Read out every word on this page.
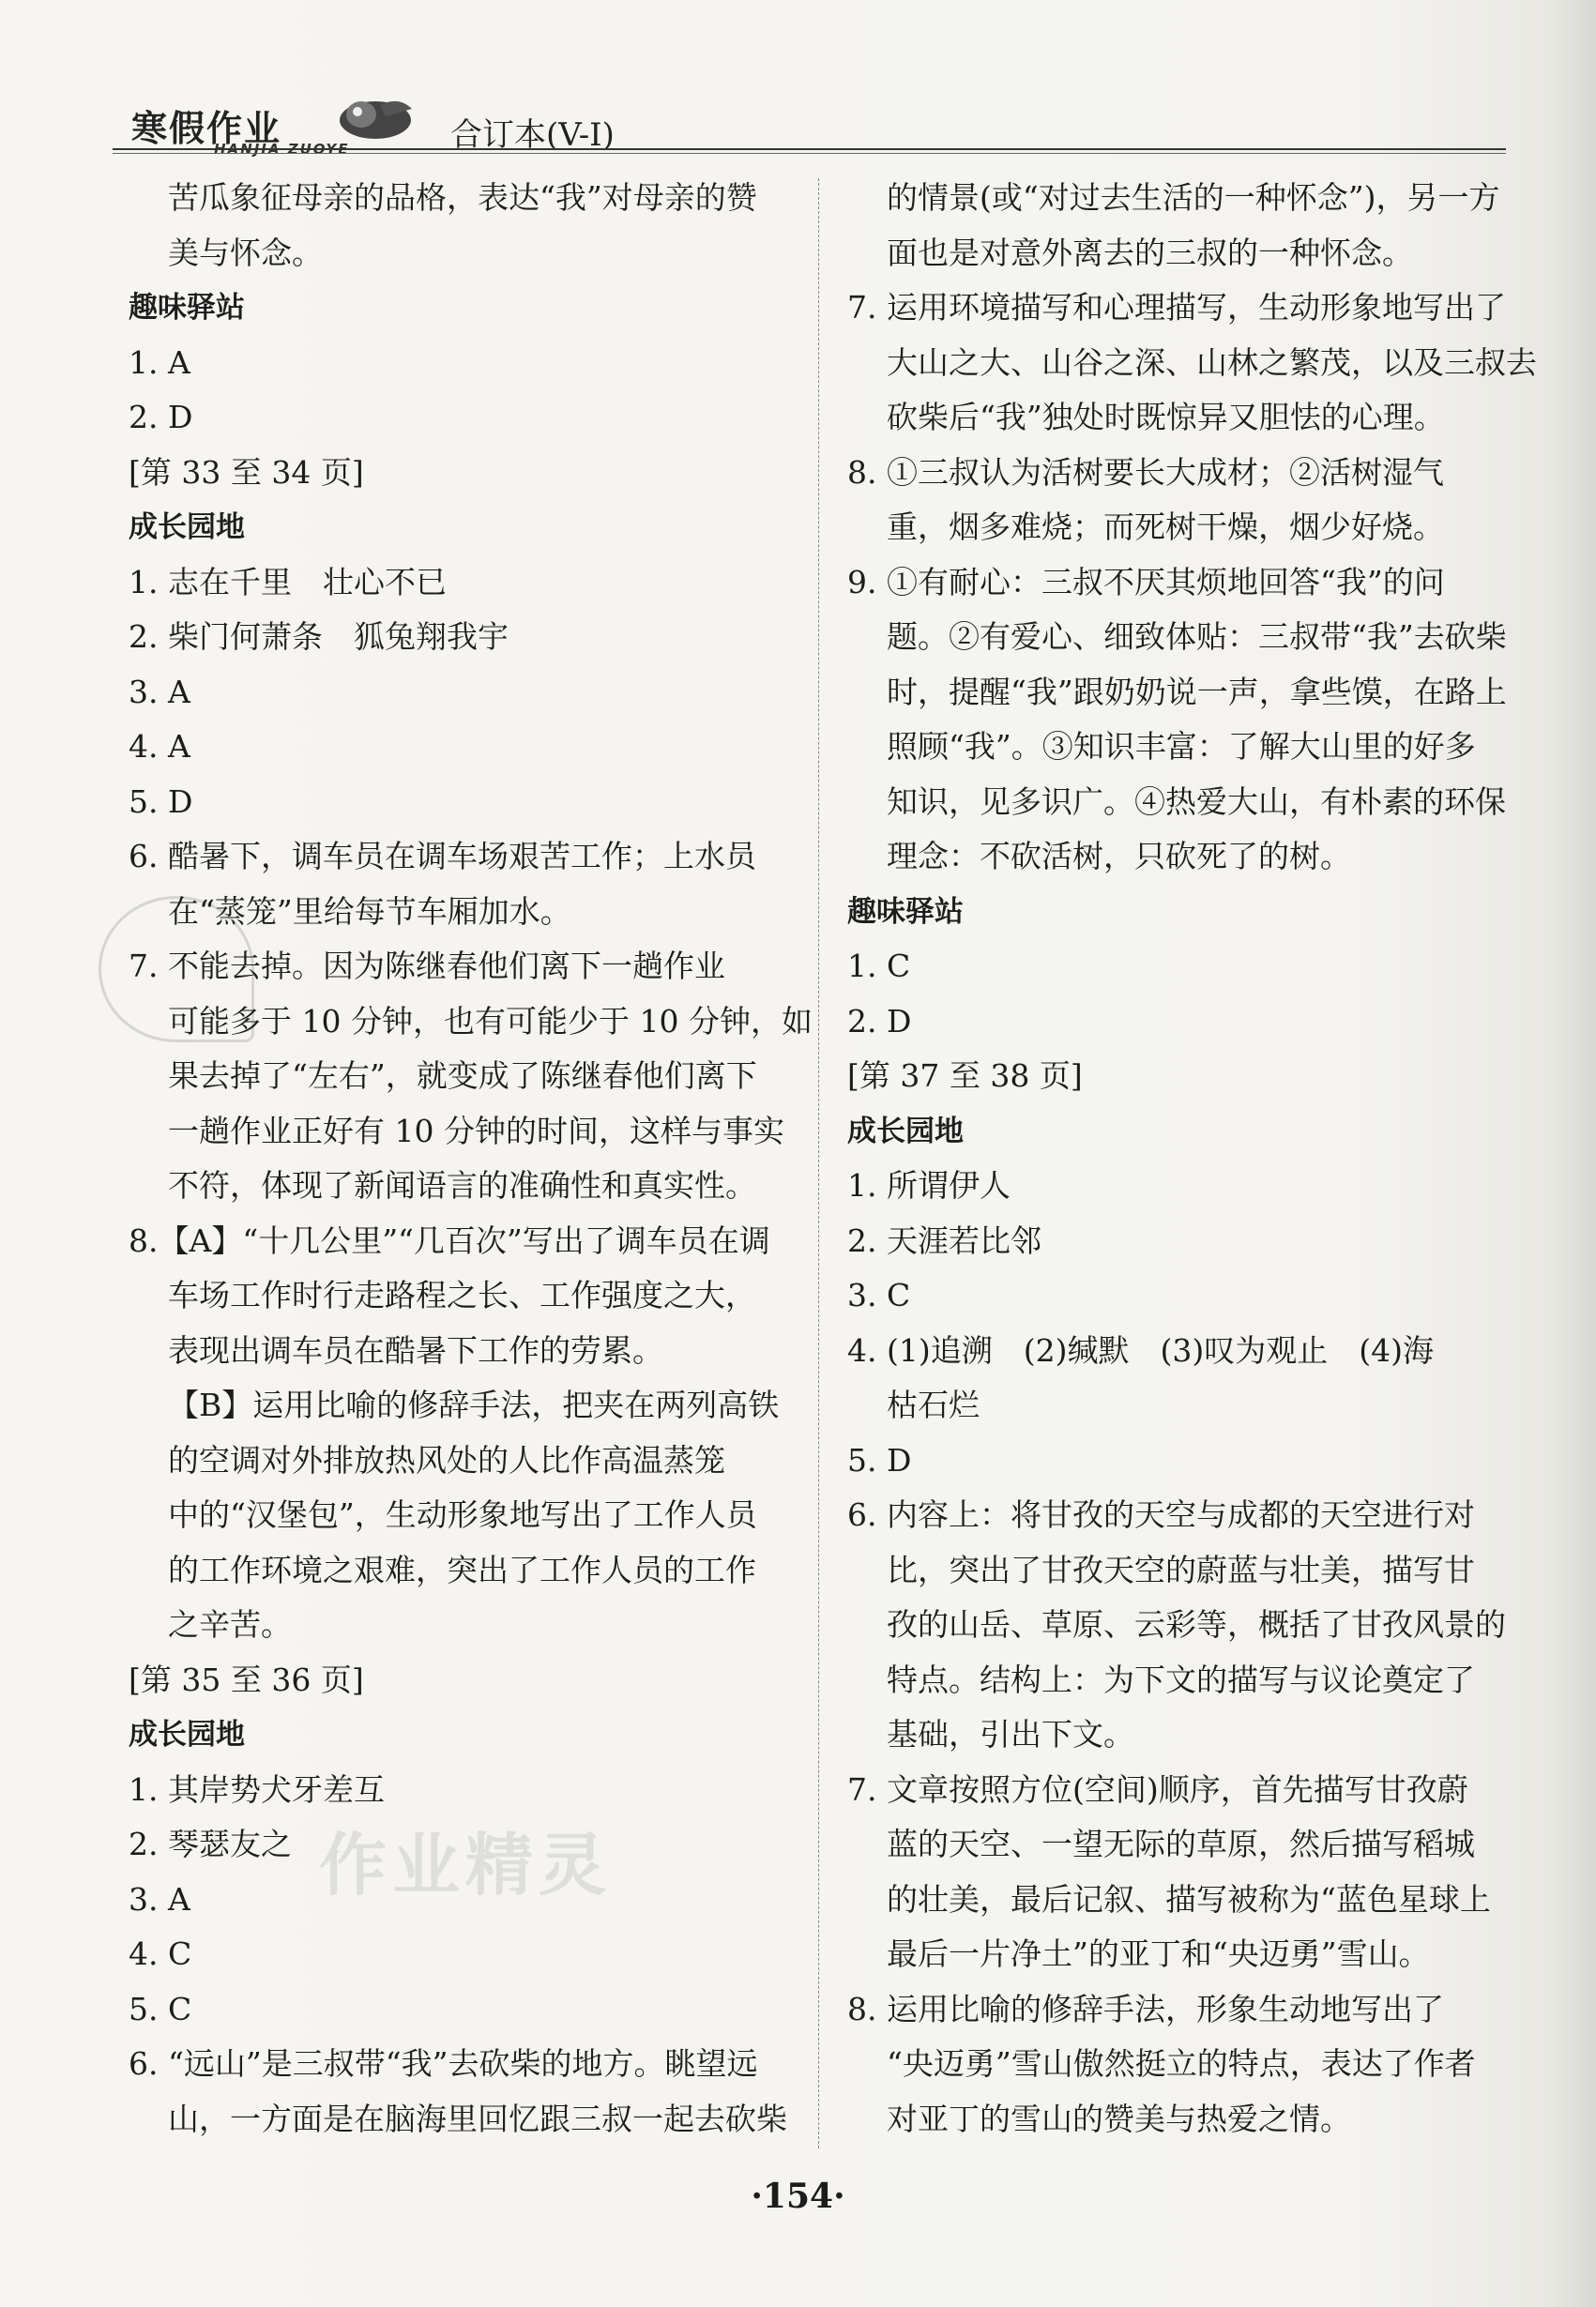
寒假作业
HANJIA ZUOYE	合订本(V-Ⅰ)
苦瓜象征母亲的品格，表达“我”对母亲的赞
美与怀念。
趣味驿站
1. A
2. D
[第 33 至 34 页]
成长园地
1. 志在千里　壮心不已
2. 柴门何萧条　狐兔翔我宇
3. A
4. A
5. D
6. 酷暑下，调车员在调车场艰苦工作；上水员
在“蒸笼”里给每节车厢加水。
7. 不能去掉。因为陈继春他们离下一趟作业
可能多于 10 分钟，也有可能少于 10 分钟，如
果去掉了“左右”，就变成了陈继春他们离下
一趟作业正好有 10 分钟的时间，这样与事实
不符，体现了新闻语言的准确性和真实性。
8.【A】“十几公里”“几百次”写出了调车员在调
车场工作时行走路程之长、工作强度之大，
表现出调车员在酷暑下工作的劳累。
【B】运用比喻的修辞手法，把夹在两列高铁
的空调对外排放热风处的人比作高温蒸笼
中的“汉堡包”，生动形象地写出了工作人员
的工作环境之艰难，突出了工作人员的工作
之辛苦。
[第 35 至 36 页]
成长园地
1. 其岸势犬牙差互
2. 琴瑟友之
3. A
4. C
5. C
6. “远山”是三叔带“我”去砍柴的地方。眺望远
山，一方面是在脑海里回忆跟三叔一起去砍柴
的情景(或“对过去生活的一种怀念”)，另一方
面也是对意外离去的三叔的一种怀念。
7. 运用环境描写和心理描写，生动形象地写出了
大山之大、山谷之深、山林之繁茂，以及三叔去
砍柴后“我”独处时既惊异又胆怯的心理。
8. ①三叔认为活树要长大成材；②活树湿气
重，烟多难烧；而死树干燥，烟少好烧。
9. ①有耐心：三叔不厌其烦地回答“我”的问
题。②有爱心、细致体贴：三叔带“我”去砍柴
时，提醒“我”跟奶奶说一声，拿些馍，在路上
照顾“我”。③知识丰富：了解大山里的好多
知识，见多识广。④热爱大山，有朴素的环保
理念：不砍活树，只砍死了的树。
趣味驿站
1. C
2. D
[第 37 至 38 页]
成长园地
1. 所谓伊人
2. 天涯若比邻
3. C
4. (1)追溯　(2)缄默　(3)叹为观止　(4)海
枯石烂
5. D
6. 内容上：将甘孜的天空与成都的天空进行对
比，突出了甘孜天空的蔚蓝与壮美，描写甘
孜的山岳、草原、云彩等，概括了甘孜风景的
特点。结构上：为下文的描写与议论奠定了
基础，引出下文。
7. 文章按照方位(空间)顺序，首先描写甘孜蔚
蓝的天空、一望无际的草原，然后描写稻城
的壮美，最后记叙、描写被称为“蓝色星球上
最后一片净土”的亚丁和“央迈勇”雪山。
8. 运用比喻的修辞手法，形象生动地写出了
“央迈勇”雪山傲然挺立的特点，表达了作者
对亚丁的雪山的赞美与热爱之情。
作业精灵
·154·
